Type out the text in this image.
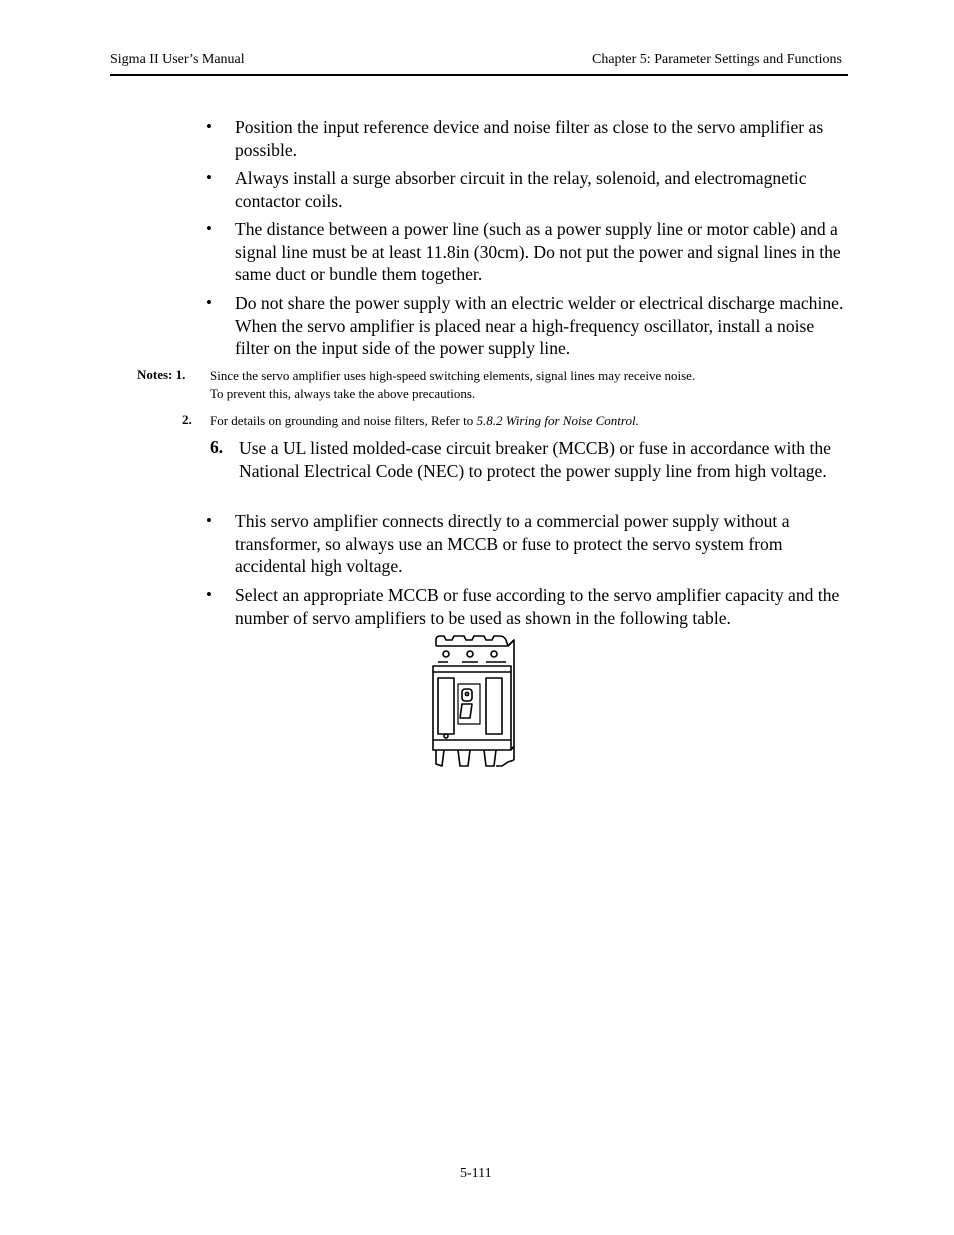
Sigma II User’s Manual	Chapter 5: Parameter Settings and Functions
• Position the input reference device and noise filter as close to the servo amplifier as possible.
• Always install a surge absorber circuit in the relay, solenoid, and electromagnetic contactor coils.
• The distance between a power line (such as a power supply line or motor cable) and a signal line must be at least 11.8in (30cm). Do not put the power and signal lines in the same duct or bundle them together.
• Do not share the power supply with an electric welder or electrical discharge machine. When the servo amplifier is placed near a high-frequency oscillator, install a noise filter on the input side of the power supply line.
Notes: 1. Since the servo amplifier uses high-speed switching elements, signal lines may receive noise.
To prevent this, always take the above precautions.
2. For details on grounding and noise filters, Refer to 5.8.2 Wiring for Noise Control.
6. Use a UL listed molded-case circuit breaker (MCCB) or fuse in accordance with the National Electrical Code (NEC) to protect the power supply line from high voltage.
• This servo amplifier connects directly to a commercial power supply without a transformer, so always use an MCCB or fuse to protect the servo system from accidental high voltage.
• Select an appropriate MCCB or fuse according to the servo amplifier capacity and the number of servo amplifiers to be used as shown in the following table.
5-111
